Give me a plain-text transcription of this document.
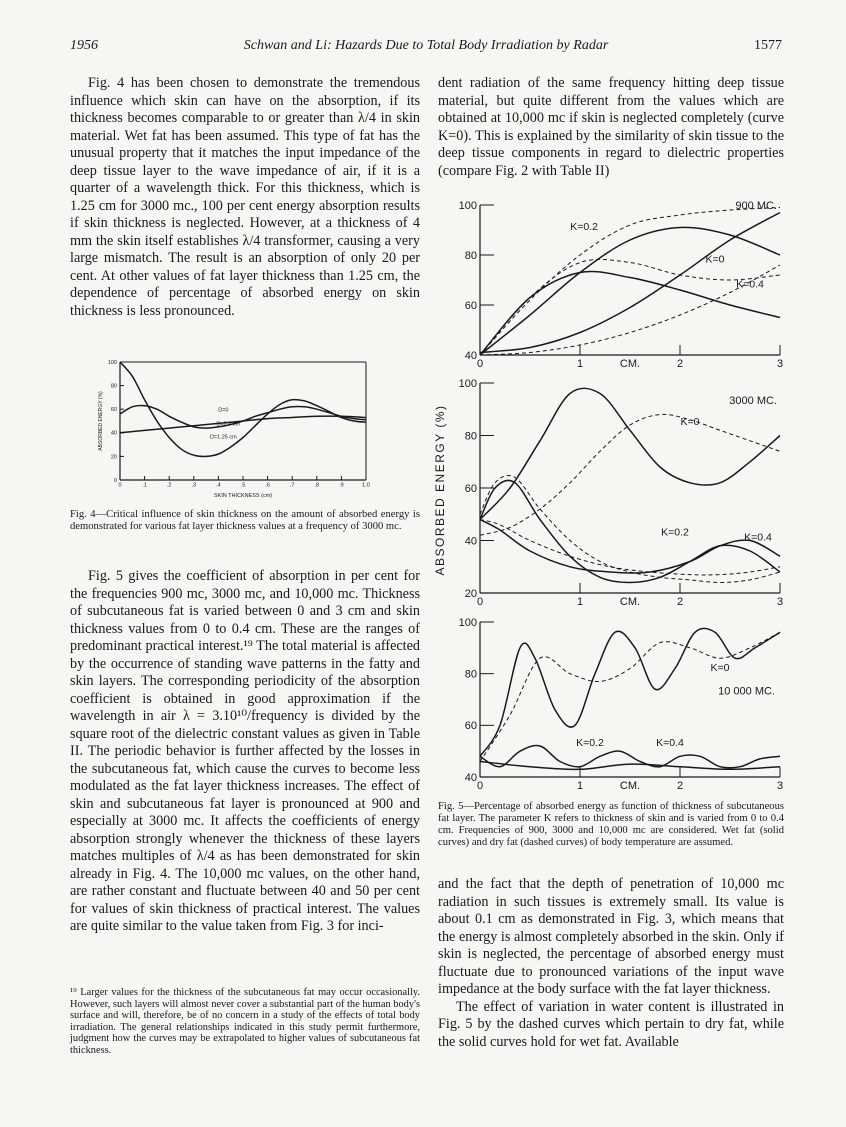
1956	Schwan and Li: Hazards Due to Total Body Irradiation by Radar	1577

Fig. 4 has been chosen to demonstrate the tremendous influence which skin can have on the absorption, if its thickness becomes comparable to or greater than λ/4 in skin material. Wet fat has been assumed. This type of fat has the unusual property that it matches the input impedance of the deep tissue layer to the wave impedance of air, if it is a quarter of a wavelength thick. For this thickness, which is 1.25 cm for 3000 mc., 100 per cent energy absorption results if skin thickness is neglected. However, at a thickness of 4 mm the skin itself establishes λ/4 transformer, causing a very large mismatch. The result is an absorption of only 20 per cent. At other values of fat layer thickness than 1.25 cm, the dependence of percentage of absorbed energy on skin thickness is less pronounced.

0
20
40
60
80
100
0	.1	.2	.3	.4	.5	.6	.7	.8	.9	1.0
ABSORBED ENERGY (%)
SKIN THICKNESS (cm)
D=0
D=2.5 cm
D=1.25 cm
Fig. 4—Critical influence of skin thickness on the amount of absorbed energy is demonstrated for various fat layer thickness values at a frequency of 3000 mc.

Fig. 5 gives the coefficient of absorption in per cent for the frequencies 900 mc, 3000 mc, and 10,000 mc. Thickness of subcutaneous fat is varied between 0 and 3 cm and skin thickness values from 0 to 0.4 cm. These are the ranges of predominant practical interest.¹⁹ The total material is affected by the occurrence of standing wave patterns in the fatty and skin layers. The corresponding periodicity of the absorption coefficient is obtained in good approximation if the wavelength in air λ = 3.10¹⁰/frequency is divided by the square root of the dielectric constant values as given in Table II. The periodic behavior is further affected by the losses in the subcutaneous fat, which cause the curves to become less modulated as the fat layer thickness increases. The effect of skin and subcutaneous fat layer is pronounced at 900 and especially at 3000 mc. It affects the coefficients of energy absorption strongly whenever the thickness of these layers matches multiples of λ/4 as has been demonstrated for skin already in Fig. 4. The 10,000 mc values, on the other hand, are rather constant and fluctuate between 40 and 50 per cent for values of skin thickness of practical interest. The values are quite similar to the value taken from Fig. 3 for inci-

¹⁹ Larger values for the thickness of the subcutaneous fat may occur occasionally. However, such layers will almost never cover a substantial part of the human body's surface and will, therefore, be of no concern in a study of the effects of total body irradiation. The general relationships indicated in this study permit furthermore, judgment how the curves may be extrapolated to higher values of subcutaneous fat thickness.

dent radiation of the same frequency hitting deep tissue material, but quite different from the values which are obtained at 10,000 mc if skin is neglected completely (curve K=0). This is explained by the similarity of skin tissue to the deep tissue components in regard to dielectric properties (compare Fig. 2 with Table II)

40
60
80
100
0	1	2	3
20
40
60
80
100
0	1	2	3
40
60
80
100
0	1	2	3
ABSORBED ENERGY (%)
CM.
CM.
CM.
900 MC.
3000 MC.
10 000 MC.
K=0.2
K=0
K=0.4
K=0
K=0.2	K=0.4
K=0
K=0.2	K=0.4
Fig. 5—Percentage of absorbed energy as function of thickness of subcutaneous fat layer. The parameter K refers to thickness of skin and is varied from 0 to 0.4 cm. Frequencies of 900, 3000 and 10,000 mc are considered. Wet fat (solid curves) and dry fat (dashed curves) of body temperature are assumed.

and the fact that the depth of penetration of 10,000 mc radiation in such tissues is extremely small. Its value is about 0.1 cm as demonstrated in Fig. 3, which means that the energy is almost completely absorbed in the skin. Only if skin is neglected, the percentage of absorbed energy must fluctuate due to pronounced variations of the input wave impedance at the body surface with the fat layer thickness.

The effect of variation in water content is illustrated in Fig. 5 by the dashed curves which pertain to dry fat, while the solid curves hold for wet fat. Available
